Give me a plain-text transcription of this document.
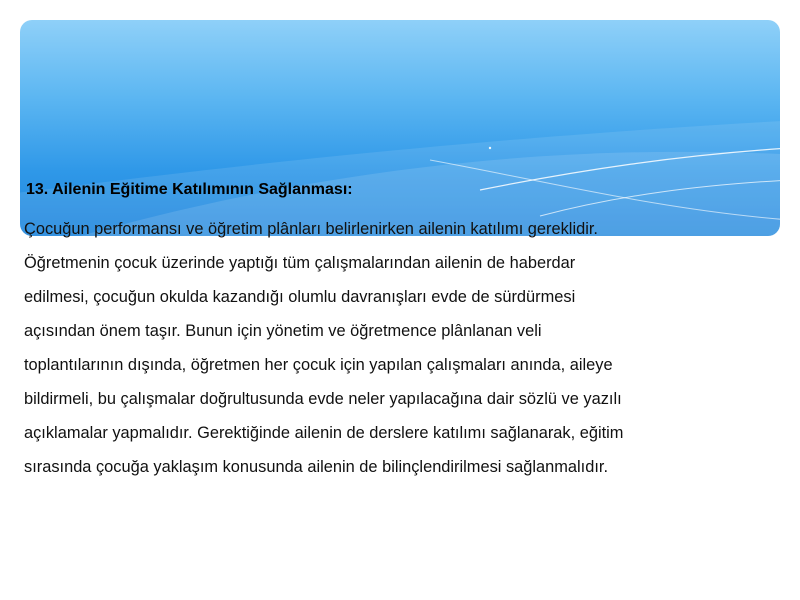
13. Ailenin Eğitime Katılımının Sağlanması:
Çocuğun performansı ve öğretim plânları belirlenirken ailenin katılımı gereklidir.
Öğretmenin çocuk üzerinde yaptığı tüm çalışmalarından ailenin de haberdar
edilmesi, çocuğun okulda kazandığı olumlu davranışları evde de sürdürmesi
açısından önem taşır. Bunun için yönetim ve öğretmence plânlanan veli
toplantılarının dışında, öğretmen her çocuk için yapılan çalışmaları anında, aileye
bildirmeli, bu çalışmalar doğrultusunda evde neler yapılacağına dair sözlü ve yazılı
açıklamalar yapmalıdır. Gerektiğinde ailenin de derslere katılımı sağlanarak, eğitim
sırasında çocuğa yaklaşım konusunda ailenin de bilinçlendirilmesi sağlanmalıdır.
